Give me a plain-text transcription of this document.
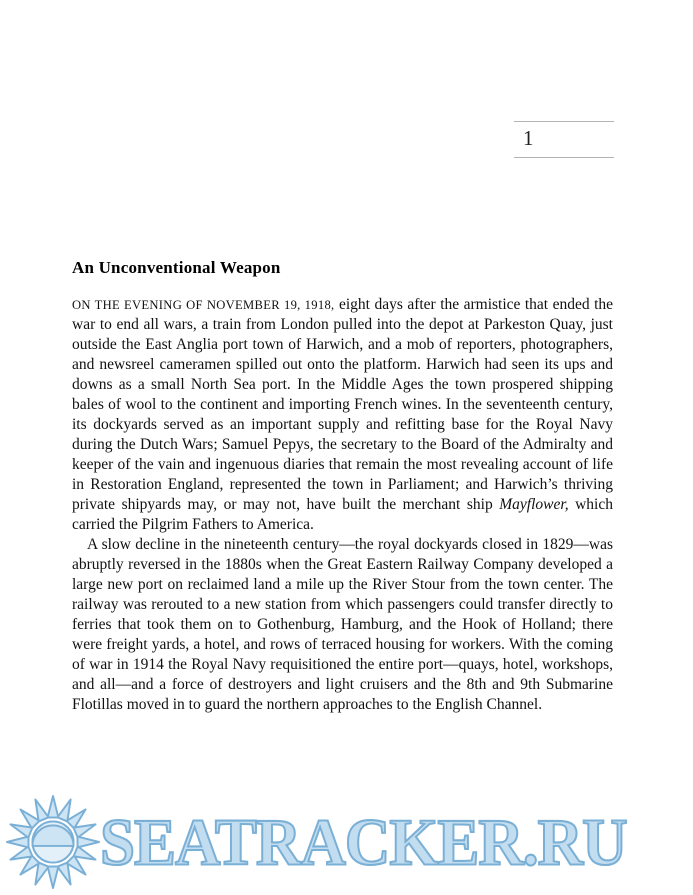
1
An Unconventional Weapon

ON THE EVENING OF NOVEMBER 19, 1918, eight days after the armistice that ended the war to end all wars, a train from London pulled into the depot at Parkeston Quay, just outside the East Anglia port town of Harwich, and a mob of reporters, photographers, and newsreel cameramen spilled out onto the platform. Harwich had seen its ups and downs as a small North Sea port. In the Middle Ages the town prospered shipping bales of wool to the continent and importing French wines. In the seventeenth century, its dockyards served as an important supply and refitting base for the Royal Navy during the Dutch Wars; Samuel Pepys, the secretary to the Board of the Admiralty and keeper of the vain and ingenuous diaries that remain the most revealing account of life in Restoration England, represented the town in Parliament; and Harwich’s thriving private shipyards may, or may not, have built the merchant ship Mayflower, which carried the Pilgrim Fathers to America.

A slow decline in the nineteenth century—the royal dockyards closed in 1829—was abruptly reversed in the 1880s when the Great Eastern Railway Company developed a large new port on reclaimed land a mile up the River Stour from the town center. The railway was rerouted to a new station from which passengers could transfer directly to ferries that took them on to Gothenburg, Hamburg, and the Hook of Holland; there were freight yards, a hotel, and rows of terraced housing for workers. With the coming of war in 1914 the Royal Navy requisitioned the entire port—quays, hotel, workshops, and all—and a force of destroyers and light cruisers and the 8th and 9th Submarine Flotillas moved in to guard the northern approaches to the English Channel.

SEATRACKER.RU
